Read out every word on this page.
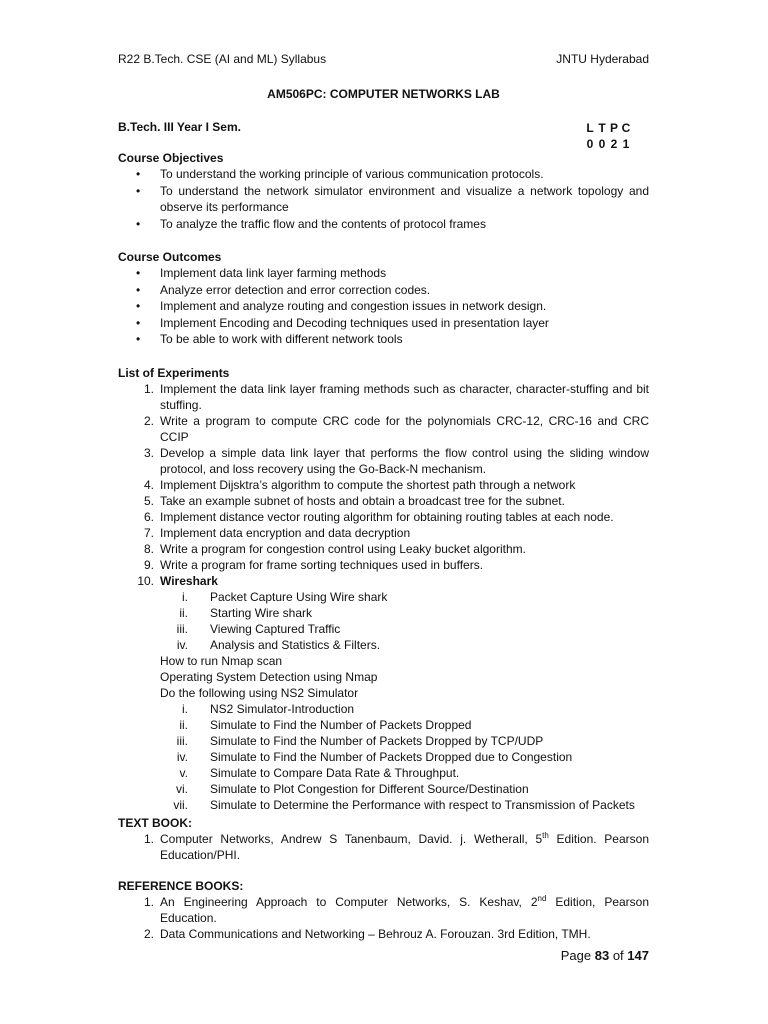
R22 B.Tech. CSE (AI and ML) Syllabus	JNTU Hyderabad
AM506PC: COMPUTER NETWORKS LAB
B.Tech. III Year I Sem.	L T P C
0 0 2 1
Course Objectives
• To understand the working principle of various communication protocols.
• To understand the network simulator environment and visualize a network topology and observe its performance
• To analyze the traffic flow and the contents of protocol frames
Course Outcomes
• Implement data link layer farming methods
• Analyze error detection and error correction codes.
• Implement and analyze routing and congestion issues in network design.
• Implement Encoding and Decoding techniques used in presentation layer
• To be able to work with different network tools
List of Experiments
1. Implement the data link layer framing methods such as character, character-stuffing and bit stuffing.
2. Write a program to compute CRC code for the polynomials CRC-12, CRC-16 and CRC CCIP
3. Develop a simple data link layer that performs the flow control using the sliding window protocol, and loss recovery using the Go-Back-N mechanism.
4. Implement Dijsktra’s algorithm to compute the shortest path through a network
5. Take an example subnet of hosts and obtain a broadcast tree for the subnet.
6. Implement distance vector routing algorithm for obtaining routing tables at each node.
7. Implement data encryption and data decryption
8. Write a program for congestion control using Leaky bucket algorithm.
9. Write a program for frame sorting techniques used in buffers.
10. Wireshark
i. Packet Capture Using Wire shark
ii. Starting Wire shark
iii. Viewing Captured Traffic
iv. Analysis and Statistics & Filters.
How to run Nmap scan
Operating System Detection using Nmap
Do the following using NS2 Simulator
i. NS2 Simulator-Introduction
ii. Simulate to Find the Number of Packets Dropped
iii. Simulate to Find the Number of Packets Dropped by TCP/UDP
iv. Simulate to Find the Number of Packets Dropped due to Congestion
v. Simulate to Compare Data Rate & Throughput.
vi. Simulate to Plot Congestion for Different Source/Destination
vii. Simulate to Determine the Performance with respect to Transmission of Packets
TEXT BOOK:
1. Computer Networks, Andrew S Tanenbaum, David. j. Wetherall, 5th Edition. Pearson Education/PHI.
REFERENCE BOOKS:
1. An Engineering Approach to Computer Networks, S. Keshav, 2nd Edition, Pearson Education.
2. Data Communications and Networking – Behrouz A. Forouzan. 3rd Edition, TMH.
Page 83 of 147
